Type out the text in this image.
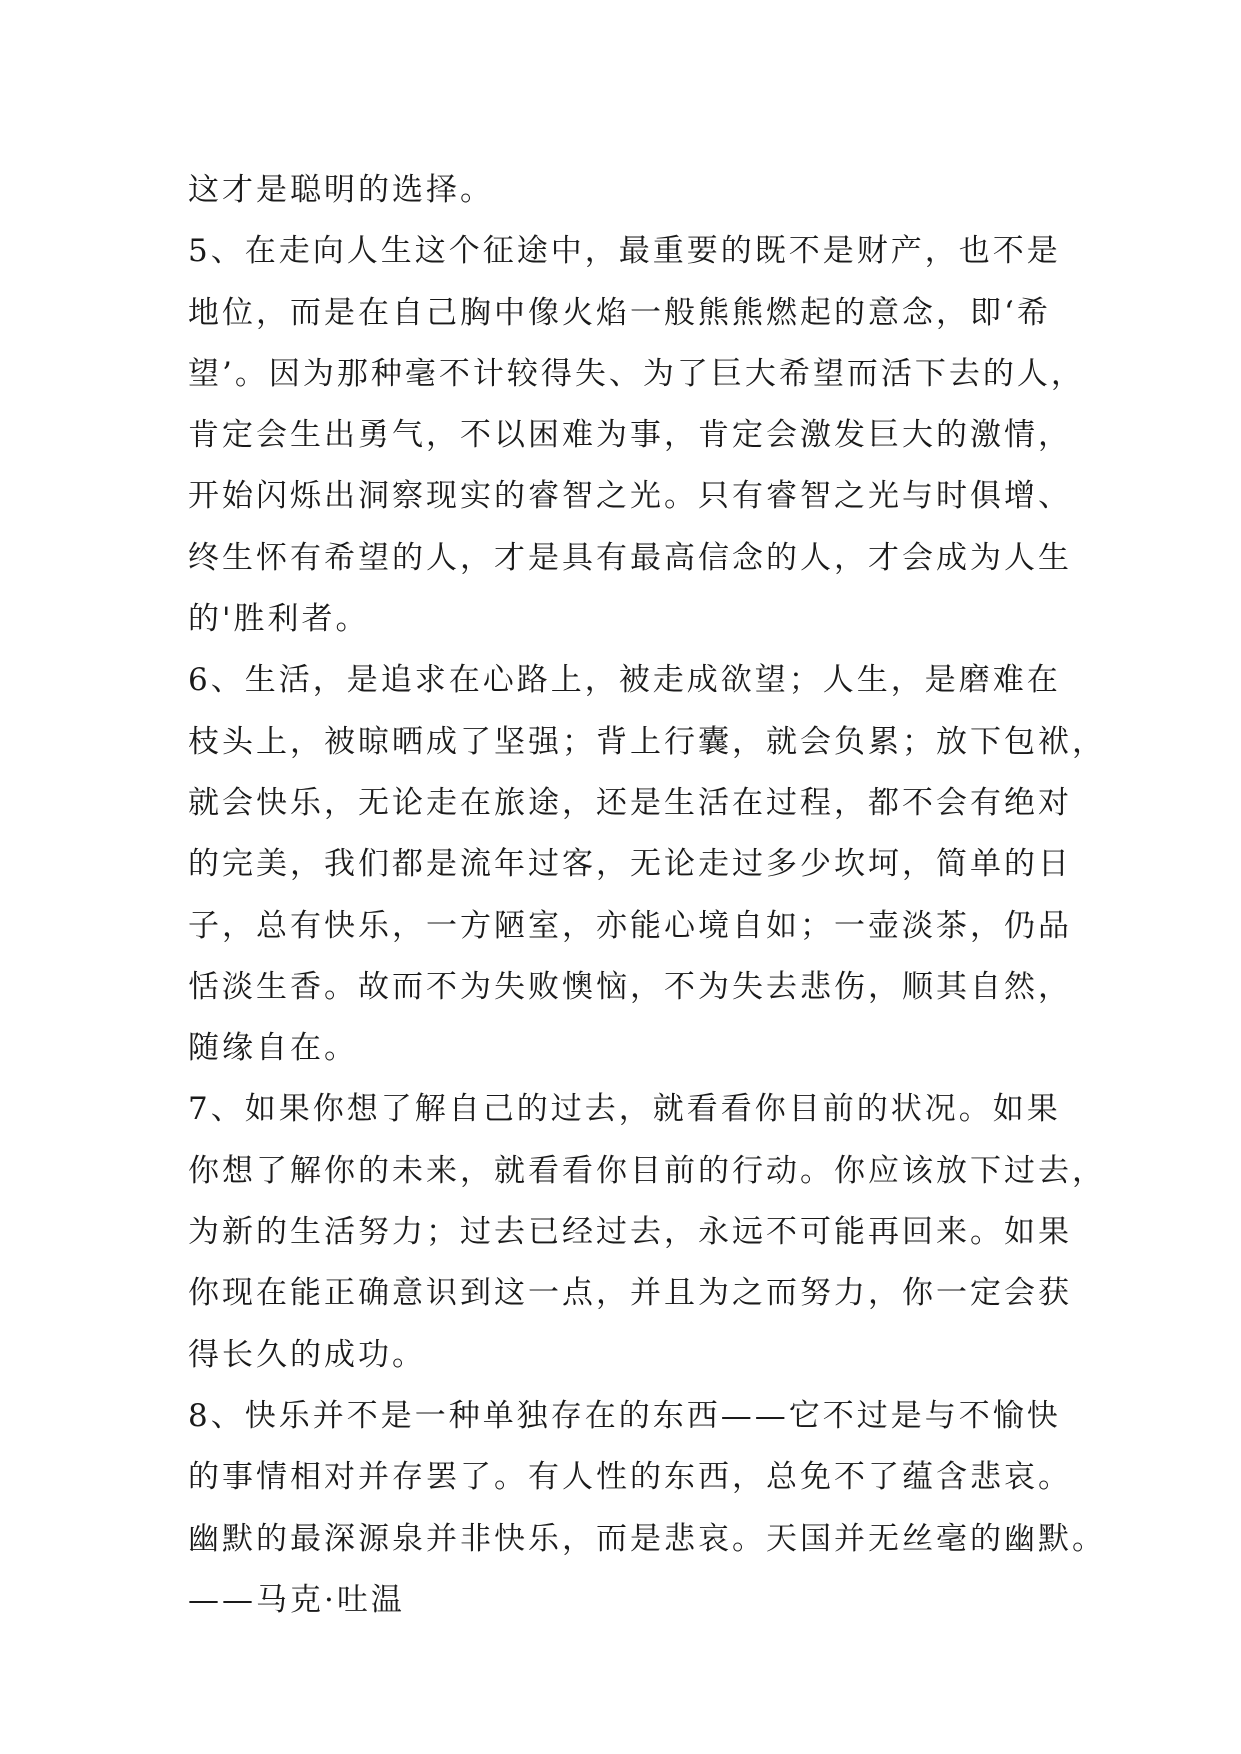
这才是聪明的选择。
5、在走向人生这个征途中，最重要的既不是财产，也不是
地位，而是在自己胸中像火焰一般熊熊燃起的意念，即‘希
望’。因为那种毫不计较得失、为了巨大希望而活下去的人，
肯定会生出勇气，不以困难为事，肯定会激发巨大的激情，
开始闪烁出洞察现实的睿智之光。只有睿智之光与时俱增、
终生怀有希望的人，才是具有最高信念的人，才会成为人生
的'胜利者。
6、生活，是追求在心路上，被走成欲望；人生，是磨难在
枝头上，被晾晒成了坚强；背上行囊，就会负累；放下包袱，
就会快乐，无论走在旅途，还是生活在过程，都不会有绝对
的完美，我们都是流年过客，无论走过多少坎坷，简单的日
子，总有快乐，一方陋室，亦能心境自如；一壶淡茶，仍品
恬淡生香。故而不为失败懊恼，不为失去悲伤，顺其自然，
随缘自在。
7、如果你想了解自己的过去，就看看你目前的状况。如果
你想了解你的未来，就看看你目前的行动。你应该放下过去，
为新的生活努力；过去已经过去，永远不可能再回来。如果
你现在能正确意识到这一点，并且为之而努力，你一定会获
得长久的成功。
8、快乐并不是一种单独存在的东西——它不过是与不愉快
的事情相对并存罢了。有人性的东西，总免不了蕴含悲哀。
幽默的最深源泉并非快乐，而是悲哀。天国并无丝毫的幽默。
——马克·吐温
